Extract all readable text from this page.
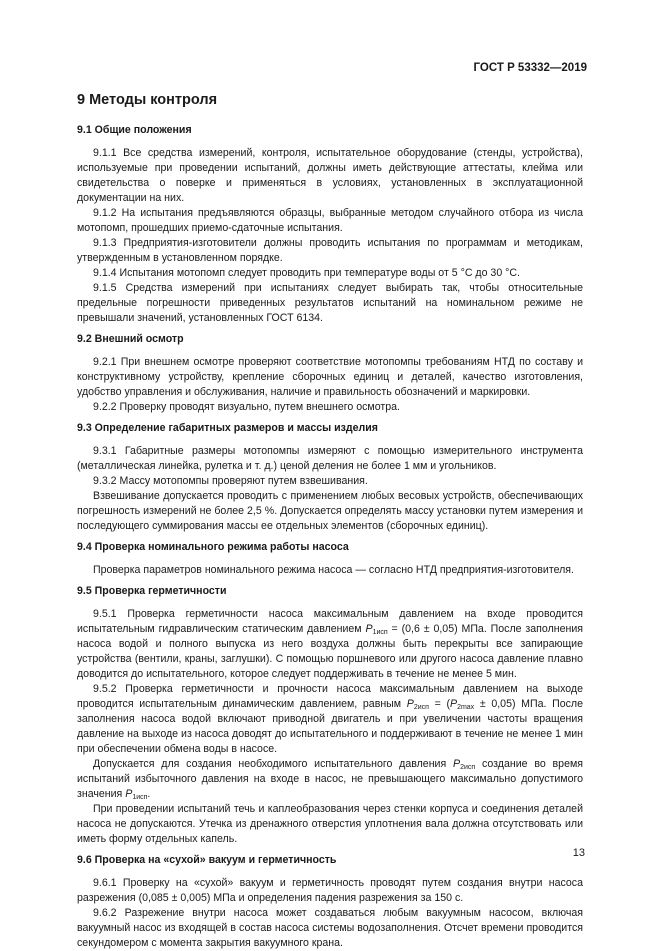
ГОСТ Р 53332—2019
9 Методы контроля
9.1 Общие положения

9.1.1 Все средства измерений, контроля, испытательное оборудование (стенды, устройства), используемые при проведении испытаний, должны иметь действующие аттестаты, клейма или свидетельства о поверке и применяться в условиях, установленных в эксплуатационной документации на них.

9.1.2 На испытания предъявляются образцы, выбранные методом случайного отбора из числа мотопомп, прошедших приемо-сдаточные испытания.

9.1.3 Предприятия-изготовители должны проводить испытания по программам и методикам, утвержденным в установленном порядке.

9.1.4 Испытания мотопомп следует проводить при температуре воды от 5 °С до 30 °С.

9.1.5 Средства измерений при испытаниях следует выбирать так, чтобы относительные предельные погрешности приведенных результатов испытаний на номинальном режиме не превышали значений, установленных ГОСТ 6134.

9.2 Внешний осмотр

9.2.1 При внешнем осмотре проверяют соответствие мотопомпы требованиям НТД по составу и конструктивному устройству, крепление сборочных единиц и деталей, качество изготовления, удобство управления и обслуживания, наличие и правильность обозначений и маркировки.

9.2.2 Проверку проводят визуально, путем внешнего осмотра.

9.3 Определение габаритных размеров и массы изделия

9.3.1 Габаритные размеры мотопомпы измеряют с помощью измерительного инструмента (металлическая линейка, рулетка и т. д.) ценой деления не более 1 мм и угольников.

9.3.2 Массу мотопомпы проверяют путем взвешивания.

Взвешивание допускается проводить с применением любых весовых устройств, обеспечивающих погрешность измерений не более 2,5 %. Допускается определять массу установки путем измерения и последующего суммирования массы ее отдельных элементов (сборочных единиц).

9.4 Проверка номинального режима работы насоса

Проверка параметров номинального режима насоса — согласно НТД предприятия-изготовителя.

9.5 Проверка герметичности

9.5.1 Проверка герметичности насоса максимальным давлением на входе проводится испытательным гидравлическим статическим давлением $P_{1исп} = (0,6 \pm 0,05)$ МПа. После заполнения насоса водой и полного выпуска из него воздуха должны быть перекрыты все запирающие устройства (вентили, краны, заглушки). С помощью поршневого или другого насоса давление плавно доводится до испытательного, которое следует поддерживать в течение не менее 5 мин.

9.5.2 Проверка герметичности и прочности насоса максимальным давлением на выходе проводится испытательным динамическим давлением, равным $P_{2исп} = (P_{2max} \pm 0,05)$ МПа. После заполнения насоса водой включают приводной двигатель и при увеличении частоты вращения давление на выходе из насоса доводят до испытательного и поддерживают в течение не менее 1 мин при обеспечении обмена воды в насосе.

Допускается для создания необходимого испытательного давления $P_{2исп}$ создание во время испытаний избыточного давления на входе в насос, не превышающего максимально допустимого значения $P_{1исп}$.

При проведении испытаний течь и каплеобразования через стенки корпуса и соединения деталей насоса не допускаются. Утечка из дренажного отверстия уплотнения вала должна отсутствовать или иметь форму отдельных капель.

9.6 Проверка на «сухой» вакуум и герметичность

9.6.1 Проверку на «сухой» вакуум и герметичность проводят путем создания внутри насоса разрежения (0,085 ± 0,005) МПа и определения падения разрежения за 150 с.

9.6.2 Разрежение внутри насоса может создаваться любым вакуумным насосом, включая вакуумный насос из входящей в состав насоса системы водозаполнения. Отсчет времени проводится секундомером с момента закрытия вакуумного крана.

13
